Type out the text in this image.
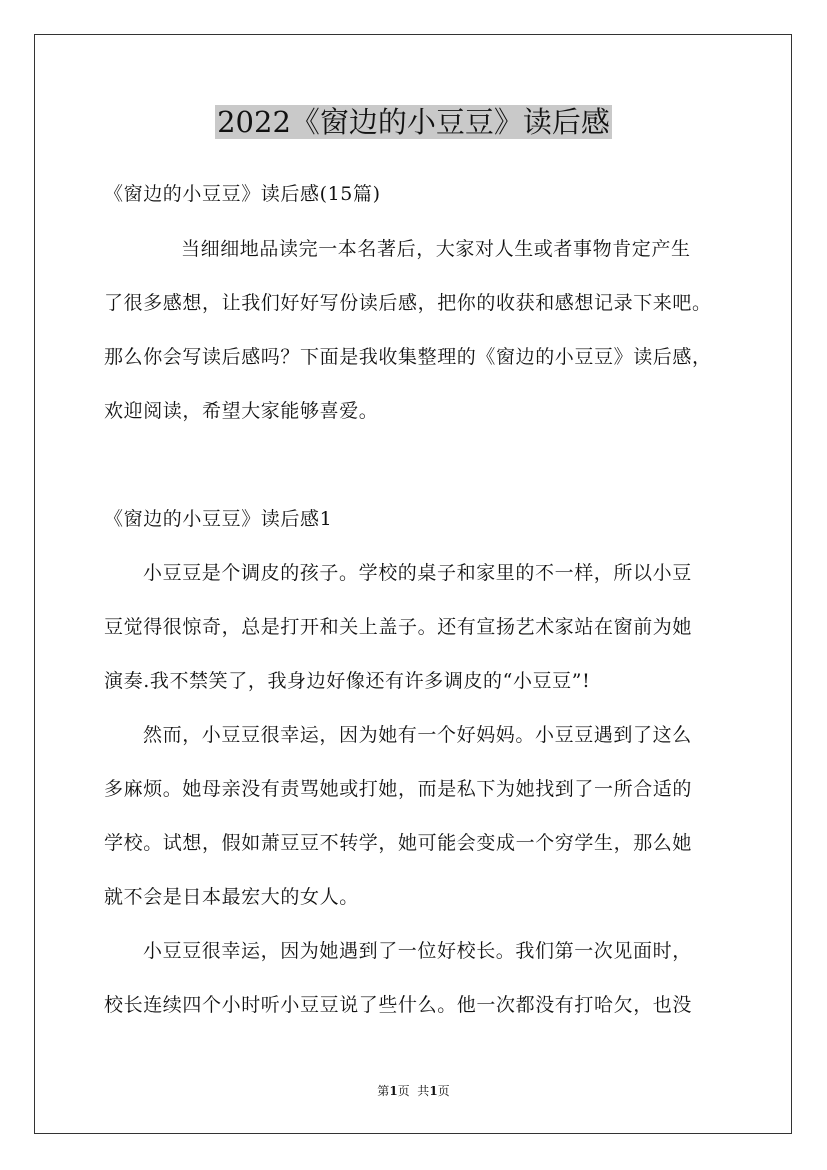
2022《窗边的小豆豆》读后感
《窗边的小豆豆》读后感(15篇)
当细细地品读完一本名著后，大家对人生或者事物肯定产生
了很多感想，让我们好好写份读后感，把你的收获和感想记录下来吧。
那么你会写读后感吗？下面是我收集整理的《窗边的小豆豆》读后感，
欢迎阅读，希望大家能够喜爱。
《窗边的小豆豆》读后感1
小豆豆是个调皮的孩子。学校的桌子和家里的不一样，所以小豆
豆觉得很惊奇，总是打开和关上盖子。还有宣扬艺术家站在窗前为她
演奏.我不禁笑了，我身边好像还有许多调皮的“小豆豆”!
然而，小豆豆很幸运，因为她有一个好妈妈。小豆豆遇到了这么
多麻烦。她母亲没有责骂她或打她，而是私下为她找到了一所合适的
学校。试想，假如萧豆豆不转学，她可能会变成一个穷学生，那么她
就不会是日本最宏大的女人。
小豆豆很幸运，因为她遇到了一位好校长。我们第一次见面时，
校长连续四个小时听小豆豆说了些什么。他一次都没有打哈欠，也没
第1页  共1页
